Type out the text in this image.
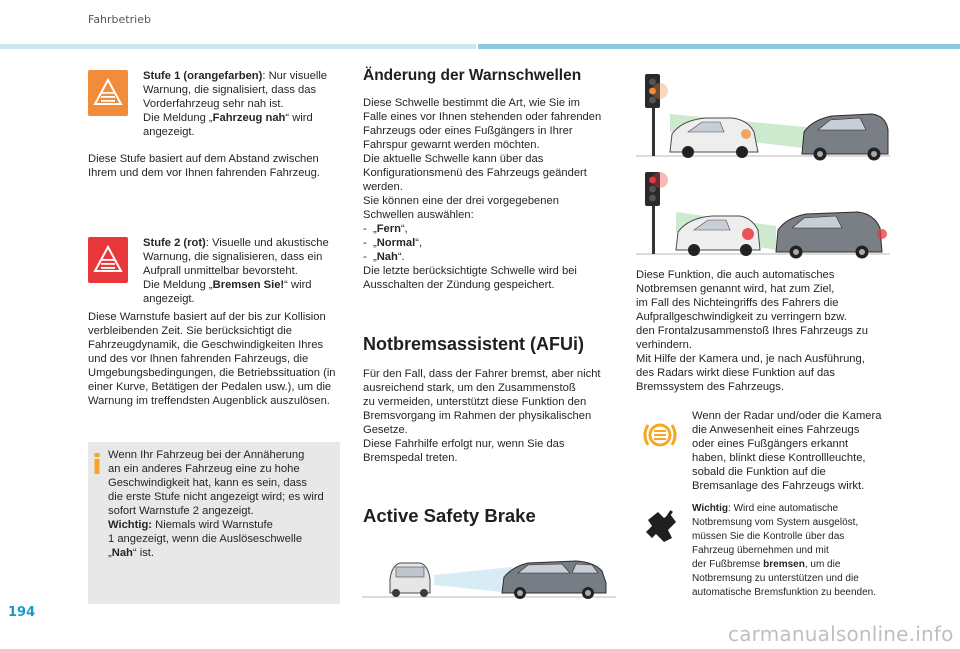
Fahrbetrieb
Stufe 1 (orangefarben): Nur visuelle
Warnung, die signalisiert, dass das
Vorderfahrzeug sehr nah ist.
Die Meldung „Fahrzeug nah“ wird
angezeigt.
Diese Stufe basiert auf dem Abstand zwischen
Ihrem und dem vor Ihnen fahrenden Fahrzeug.
Stufe 2 (rot): Visuelle und akustische
Warnung, die signalisieren, dass ein
Aufprall unmittelbar bevorsteht.
Die Meldung „Bremsen Sie!“ wird
angezeigt.
Diese Warnstufe basiert auf der bis zur Kollision
verbleibenden Zeit. Sie berücksichtigt die
Fahrzeugdynamik, die Geschwindigkeiten Ihres
und des vor Ihnen fahrenden Fahrzeugs, die
Umgebungsbedingungen, die Betriebssituation (in
einer Kurve, Betätigen der Pedalen usw.), um die
Warnung im treffendsten Augenblick auszulösen.
Wenn Ihr Fahrzeug bei der Annäherung
an ein anderes Fahrzeug eine zu hohe
Geschwindigkeit hat, kann es sein, dass
die erste Stufe nicht angezeigt wird; es wird
sofort Warnstufe 2 angezeigt.
Wichtig: Niemals wird Warnstufe
1 angezeigt, wenn die Auslöseschwelle
„Nah“ ist.
Änderung der Warnschwellen
Diese Schwelle bestimmt die Art, wie Sie im
Falle eines vor Ihnen stehenden oder fahrenden
Fahrzeugs oder eines Fußgängers in Ihrer
Fahrspur gewarnt werden möchten.
Die aktuelle Schwelle kann über das
Konfigurationsmenü des Fahrzeugs geändert
werden.
Sie können eine der drei vorgegebenen
Schwellen auswählen:
- „Fern“,
- „Normal“,
- „Nah“.
Die letzte berücksichtigte Schwelle wird bei
Ausschalten der Zündung gespeichert.
Notbremsassistent (AFUi)
Für den Fall, dass der Fahrer bremst, aber nicht
ausreichend stark, um den Zusammenstoß
zu vermeiden, unterstützt diese Funktion den
Bremsvorgang im Rahmen der physikalischen
Gesetze.
Diese Fahrhilfe erfolgt nur, wenn Sie das
Bremspedal treten.
Active Safety Brake
Diese Funktion, die auch automatisches
Notbremsen genannt wird, hat zum Ziel,
im Fall des Nichteingriffs des Fahrers die
Aufprallgeschwindigkeit zu verringern bzw.
den Frontalzusammenstoß Ihres Fahrzeugs zu
verhindern.
Mit Hilfe der Kamera und, je nach Ausführung,
des Radars wirkt diese Funktion auf das
Bremssystem des Fahrzeugs.
Wenn der Radar und/oder die Kamera
die Anwesenheit eines Fahrzeugs
oder eines Fußgängers erkannt
haben, blinkt diese Kontrollleuchte,
sobald die Funktion auf die
Bremsanlage des Fahrzeugs wirkt.
Wichtig: Wird eine automatische
Notbremsung vom System ausgelöst,
müssen Sie die Kontrolle über das
Fahrzeug übernehmen und mit
der Fußbremse bremsen, um die
Notbremsung zu unterstützen und die
automatische Bremsfunktion zu beenden.
194
carmanualsonline.info
